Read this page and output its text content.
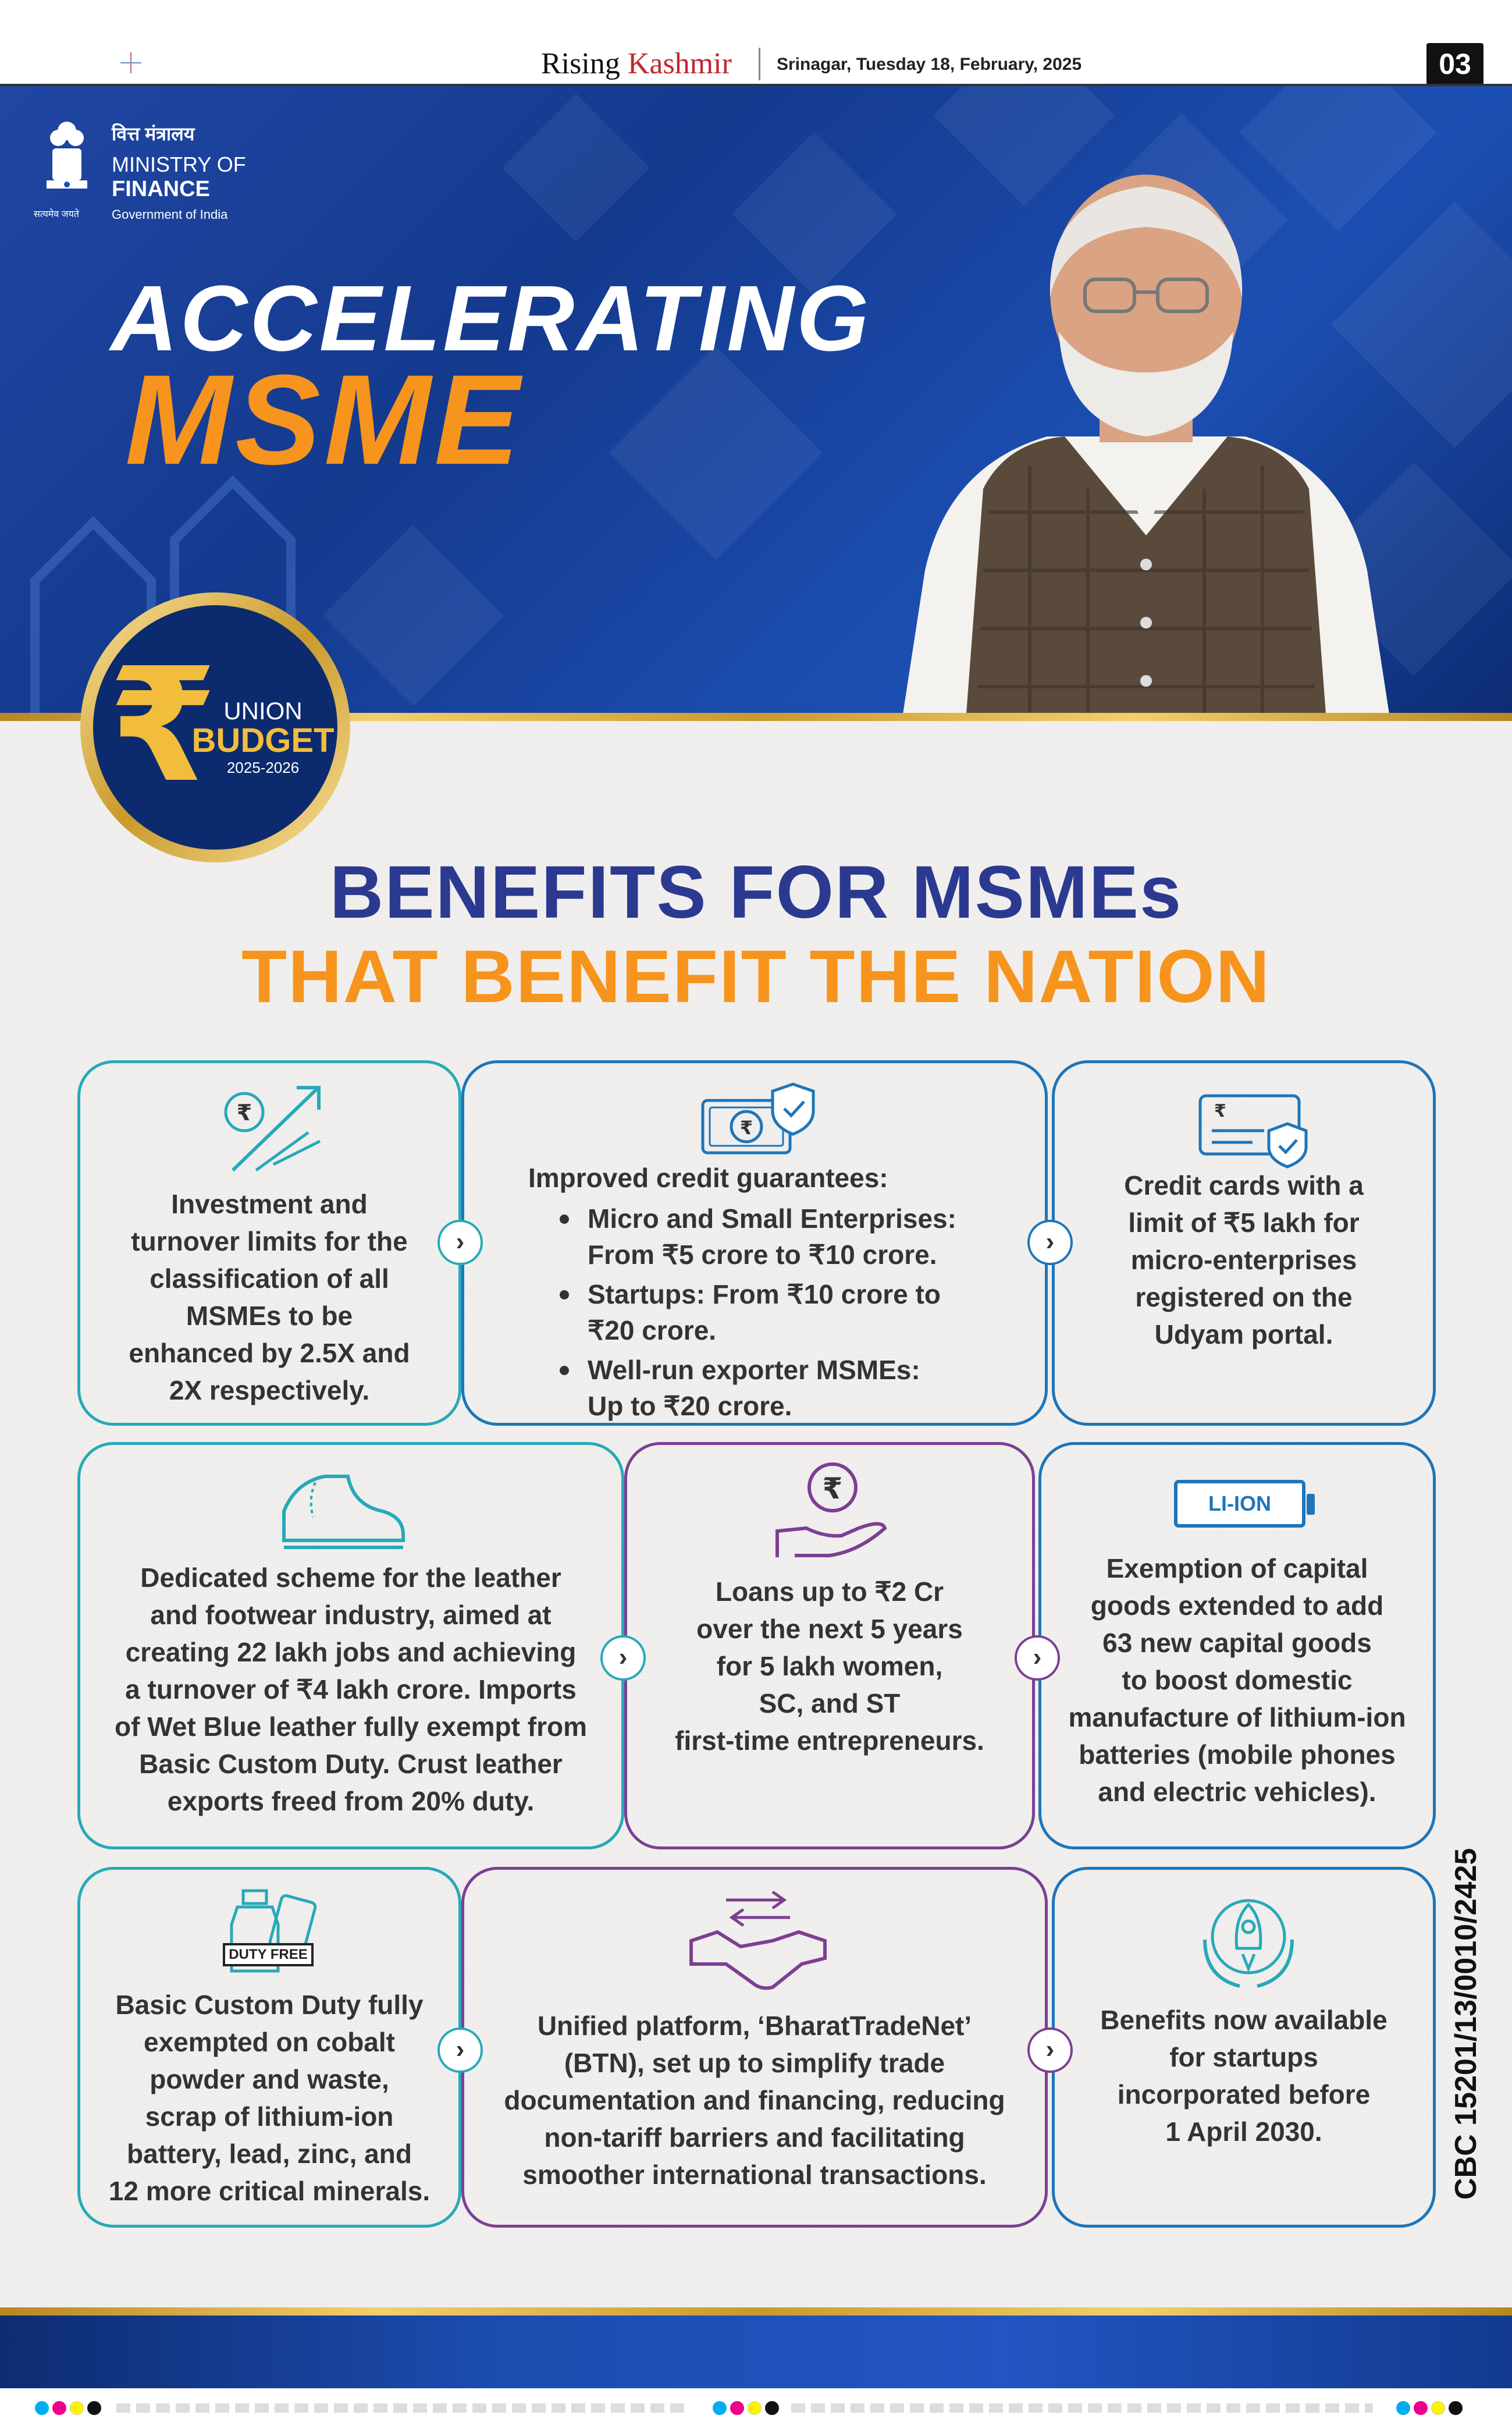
Rising Kashmir	Srinagar, Tuesday 18, February, 2025	03
सत्यमेव जयते
वित्त मंत्रालय
MINISTRY OF
FINANCE
Government of India
ACCELERATING
MSME
₹ UNION
BUDGET
2025-2026
BENEFITS FOR MSMEs
THAT BENEFIT THE NATION
₹
Investment and
turnover limits for the
classification of all
MSMEs to be
enhanced by 2.5X and
2X respectively.
₹
Improved credit guarantees:
Micro and Small Enterprises:
From ₹5 crore to ₹10 crore.
Startups: From ₹10 crore to
₹20 crore.
Well-run exporter MSMEs:
Up to ₹20 crore.
₹
Credit cards with a
limit of ₹5 lakh for
micro-enterprises
registered on the
Udyam portal.
Dedicated scheme for the leather
and footwear industry, aimed at
creating 22 lakh jobs and achieving
a turnover of ₹4 lakh crore. Imports
of Wet Blue leather fully exempt from
Basic Custom Duty. Crust leather
exports freed from 20% duty.
₹
Loans up to ₹2 Cr
over the next 5 years
for 5 lakh women,
SC, and ST
first-time entrepreneurs.
LI-ION
Exemption of capital
goods extended to add
63 new capital goods
to boost domestic
manufacture of lithium-ion
batteries (mobile phones
and electric vehicles).
DUTY FREE
Basic Custom Duty fully
exempted on cobalt
powder and waste,
scrap of lithium-ion
battery, lead, zinc, and
12 more critical minerals.
Unified platform, ‘BharatTradeNet’
(BTN), set up to simplify trade
documentation and financing, reducing
non-tariff barriers and facilitating
smoother international transactions.
Benefits now available
for startups
incorporated before
1 April 2030.
›	›
›	›
›	›	CBC 15201/13/0010/2425
